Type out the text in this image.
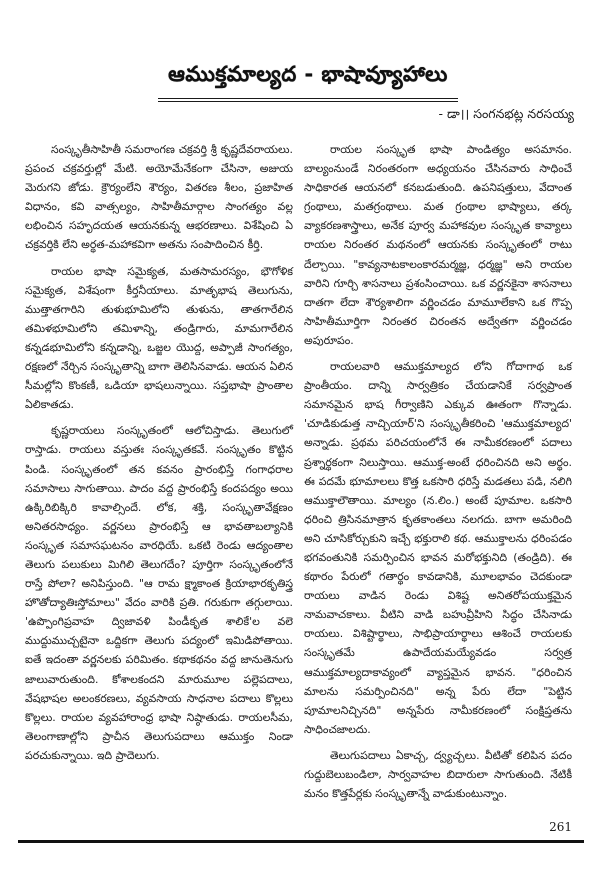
ఆముక్తమాల్యద - భాషావ్యూహాలు
- డా।। సంగనభట్ల నరసయ్య

సంస్కృతీసాహితీ సమరాంగణ చక్రవర్తి శ్రీ కృష్ణదేవరాయలు. ప్రపంచ చక్రవర్తుల్లో మేటి. అయోమేనేకంగా చేసినా, అజుయ మెరుగని జోడు. క్రౌర్యంలేని శౌర్యం, వితరణ శీలం, ప్రజాహిత విధానం, కవి వాత్సల్యం, సాహితీమార్గాల సాంగత్యం వల్ల లభించిన సహృదయత ఆయనకున్న ఆభరణాలు. విశేషించి ఏ చక్రవర్తికి లేని అర్థత-మహాకవిగా అతను సంపాదించిన కీర్తి.

రాయల భాషా సమైక్యత, మతసామరస్యం, భౌగోళిక సమైక్యత, విశేషంగా కీర్తనీయాలు. మాతృభాష తెలుగును, ముత్తాతగారిని తుళుభూమిలోని తుళును, తాతగారేలిన తమిళభూమిలోని తమిళాన్ని, తండ్రిగారు, మామగారేలిన కన్నడభూమిలోని కన్నడాన్ని, ఒజ్జల యొద్ద, అప్పాజీ సాంగత్యం, రక్షణలో నేర్చిన సంస్కృతాన్ని బాగా తెలిసినవాడు. ఆయన ఏలిన సీమల్లోని కొంకణీ, ఒడియా భాషలున్నాయి. సప్తభాషా ప్రాంతాల ఏలికాతడు.

కృష్ణరాయలు సంస్కృతంలో ఆలోచిస్తాడు. తెలుగులో రాస్తాడు. రాయలు వస్తుతః సంస్కృతకవే. సంస్కృతం కొట్టిన పిండి. సంస్కృతంలో తన కవనం ప్రారంభిస్తే గంగాధరాల సమాసాలు సాగుతాయి. పాదం వద్ద ప్రారంభిస్తే కందపద్యం అయి ఉక్కిరిబిక్కిరి కావాల్సిందే. లోక, శక్తి, సంస్కృతావేక్షణం అనితరసాధ్యం. వర్ణనలు ప్రారంభిస్తే ఆ భావతాబల్యానికి సంస్కృత సమాసఘటనం వారధియే. ఒకటి రెండు ఆద్యంతాల తెలుగు పలుకులు మిగిలి తెలుగదేం? పూర్తిగా సంస్కృతంలోనే రాస్తే పోలా? అనిపిస్తుంది. "ఆ రామ క్ష్మాకాంత క్రియాభారకృతిస్త్ర హొతోద్యాతిఃస్తోమాలు" వేదం వారికి ప్రతి. గరుకుగా తగ్గులాయి. 'ఉప్పొంగిప్రవాహ ద్విజావళి పిండీకృత శాలికే'ల వలె ముద్దుముచ్చటైనా ఒద్దికగా తెలుగు పద్యంలో ఇమిడిపోతాయి. ఐతే ఇదంతా వర్ణనలకు పరిమితం. కథాకథనం వద్ద జానుతెనుగు జాలువారుతుంది. కోశాలకందని మారుమూల పల్లెపదాలు, వేషభాషల అలంకరణలు, వ్యవసాయ సాధనాల పదాలు కొల్లలు కొల్లలు. రాయల వ్యవహారాంధ్ర భాషా నిష్ఠాతుడు. రాయలసీమ, తెలంగాణాల్లోని ప్రాచీన తెలుగుపదాలు ఆముక్తం నిండా పరచుకున్నాయి. ఇది ప్రాదెలుగు.

రాయల సంస్కృత భాషా పాండిత్యం అసమానం. బాల్యంనుండే నిరంతరంగా అధ్యయనం చేసినవారు సాధించే సాధికారత ఆయనలో కనబడుతుంది. ఉపనిషత్తులు, వేదాంత గ్రంథాలు, మతగ్రంథాలు. మత గ్రంథాల భాష్యాలు, తర్క వ్యాకరణశాస్త్రాలు, అనేక పూర్వ మహాకవుల సంస్కృత కావ్యాలు రాయల నిరంతర మథనంలో ఆయనకు సంస్కృతంలో రాటు దేల్చాయి. "కావ్యనాటకాలంకారమర్మజ్ఞ, ధర్మజ్ఞ" అని రాయల వారిని గూర్చి శాసనాలు ప్రశంసించాయి. ఒక వర్ణనకైనా శాసనాలు దాతగా లేదా శౌర్యశాలిగా వర్ణించడం మామూలేకాని ఒక గొప్ప సాహితీమూర్తిగా నిరంతర చిరంతన అద్వేతగా వర్ణించడం అపురూపం.

రాయలవారి ఆముక్తమాల్యద లోని గోదాగాథ ఒక ప్రాంతీయం. దాన్ని సార్వత్రికం చేయడానికే సర్వప్రాంత సమానమైన భాష గీర్వాణిని ఎక్కువ ఊతంగా గొన్నాడు. 'చూడికుడుత్త నాచ్చియార్'ని సంస్కృతీకరించి 'ఆముక్తమాల్యద' అన్నాడు. ప్రథమ పరిచయంలోనే ఈ నామీకరణంలో పదాలు ప్రశ్నార్థకంగా నిలుస్తాయి. ఆముక్త-అంటే ధరించినది అని అర్థం. ఈ పదమే భూమాలలు కొత్త ఒకసారి ధరిస్తే మడతలు పడి, నలిగి ఆముక్తాలౌతాయి. మాల్యం (న.లిం.) అంటే పూమాల. ఒకసారి ధరించి త్రిసినమాత్రాన కృతకాంతలు నలగదు. బాగా అమరింది అని చూసికోర్చుకుని ఇచ్చే భక్తురాలి కథ. ఆముక్తాలను ధరింపడం భగవంతునికి సమర్పించిన భావన మరోభక్తునిది (తండ్రిది). ఈ కథారం పేరులో గతార్థం కావడానికి, మూలభావం చెదకుండా రాయలు వాడిన రెండు విశిష్ట అనితరోపయుక్తమైన నామవాచకాలు. వీటిని వాడి బహువ్రీహిని సిద్ధం చేసినాడు రాయలు. విశిష్టార్థాలు, సాభిప్రాయార్థాలు ఆశించే రాయలకు సంస్కృతమే ఉపాదేయమయ్యేవడం సర్వత్ర ఆముక్తమాల్యదాకావ్యంలో వ్యాప్తమైన భావన. "ధరించిన మాలను సమర్పించినది" అన్న పేరు లేదా "పెట్టిన పూమాలనిచ్చినది" అన్నపేరు నామీకరణంలో సంక్షిప్తతను సాధించజాలదు.

తెలుగుపదాలు ఏకాచ్చ, ద్వ్యచ్చలు. వీటితో కలిపిన పదం గుద్దుబెలుబండిలా, సార్వవాహల బిదారులా సాగుతుంది. నేటికీ మనం కొత్తపేర్లకు సంస్కృతాన్నే వాడుకుంటున్నాం.

261
